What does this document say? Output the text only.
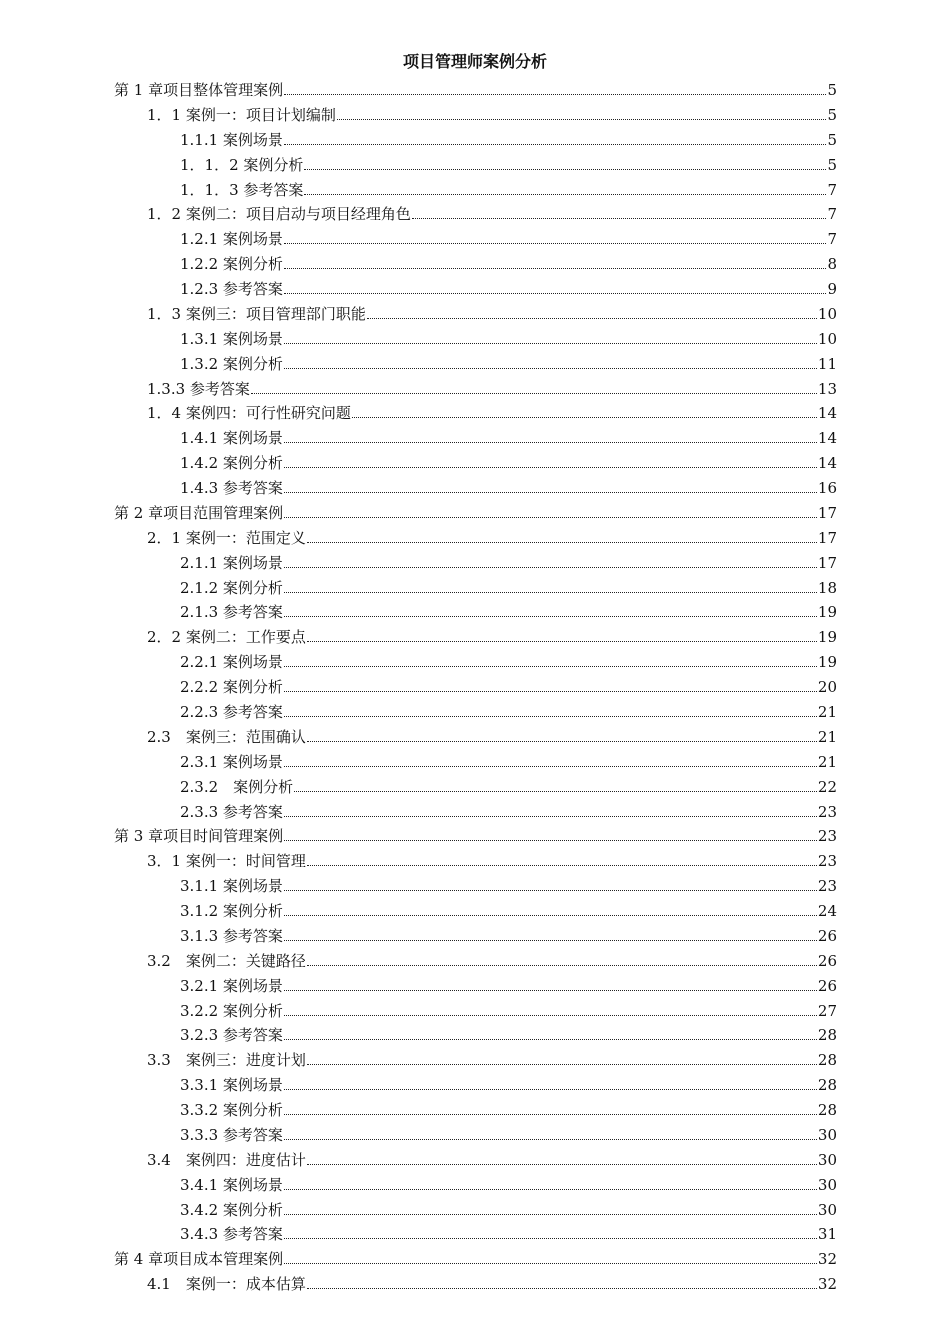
项目管理师案例分析
第 1 章项目整体管理案例	5
1．1 案例一：项目计划编制	5
1.1.1 案例场景	5
1．1．2 案例分析	5
1．1．3 参考答案	7
1．2 案例二：项目启动与项目经理角色	7
1.2.1 案例场景	7
1.2.2 案例分析	8
1.2.3 参考答案	9
1．3 案例三：项目管理部门职能	10
1.3.1 案例场景	10
1.3.2 案例分析	11
1.3.3 参考答案	13
1．4 案例四：可行性研究问题	14
1.4.1 案例场景	14
1.4.2 案例分析	14
1.4.3 参考答案	16
第 2 章项目范围管理案例	17
2．1 案例一：范围定义	17
2.1.1 案例场景	17
2.1.2 案例分析	18
2.1.3 参考答案	19
2．2 案例二：工作要点	19
2.2.1 案例场景	19
2.2.2 案例分析	20
2.2.3 参考答案	21
2.3　案例三：范围确认	21
2.3.1 案例场景	21
2.3.2　案例分析	22
2.3.3 参考答案	23
第 3 章项目时间管理案例	23
3．1 案例一：时间管理	23
3.1.1 案例场景	23
3.1.2 案例分析	24
3.1.3 参考答案	26
3.2　案例二：关键路径	26
3.2.1 案例场景	26
3.2.2 案例分析	27
3.2.3 参考答案	28
3.3　案例三：进度计划	28
3.3.1 案例场景	28
3.3.2 案例分析	28
3.3.3 参考答案	30
3.4　案例四：进度估计	30
3.4.1 案例场景	30
3.4.2 案例分析	30
3.4.3 参考答案	31
第 4 章项目成本管理案例	32
4.1　案例一：成本估算	32
